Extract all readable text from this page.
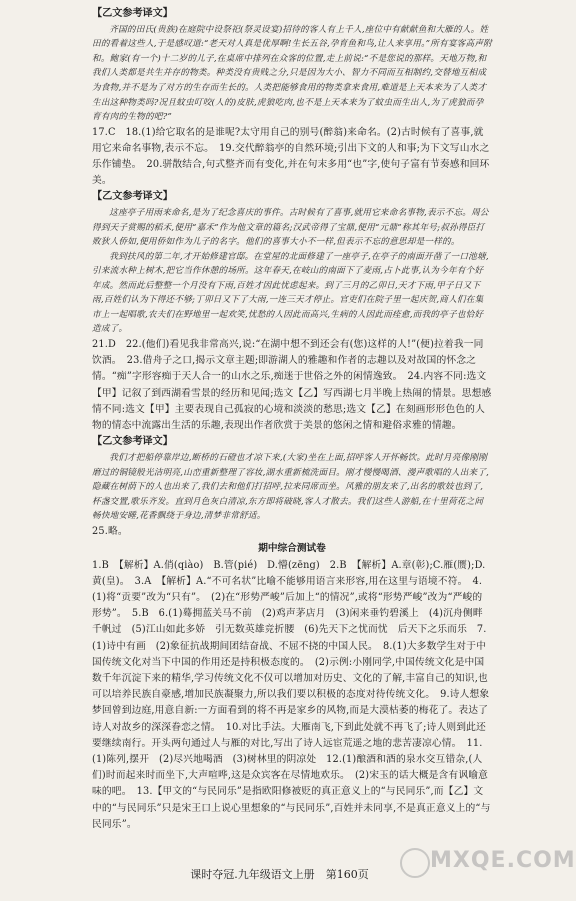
【乙文参考译文】

齐国的田氏(贵族)在庭院中设祭祀(祭灵设宴)招待的客人有上千人,座位中有献献鱼和大雁的人。姓田的看着这些人,于是感叹道:“老天对人真是优厚啊!生长五谷,孕育鱼和鸟,让人来享用。”所有宴客高声附和。鲍家(有一个)十二岁的儿子,在桌席中排列在众客的位置,走上前说:“不是您说的那样。天地万物,和我们人类都是共生并存的物类。种类没有贵贱之分,只是因为大小、智力不同而互相制约,交替地互相成为食物,并不是为了对方的生存而生长的。人类把能够食用的物类拿来食用,难道是上天本来为了人类才生出这种物类吗?况且蚊虫叮咬(人的)皮肤,虎狼吃肉,也不是上天本来为了蚊虫而生出人,为了虎狼而孕育有肉的生物的吧?”

17.C　18.(1)给它取名的是谁呢?太守用自己的别号(醉翁)来命名。(2)古时候有了喜事,就用它来命名事物,表示不忘。　19.交代醉翁亭的自然环境;引出下文的人和事;为下文写山水之乐作铺垫。　20.骈散结合,句式整齐而有变化,并在句末多用“也”字,使句子富有节奏感和回环美。

【乙文参考译文】

这座亭子用雨来命名,是为了纪念喜庆的事件。古时候有了喜事,就用它来命名事物,表示不忘。周公得到天子赏赐的稻禾,便用“嘉禾”作为他文章的篇名;汉武帝得了宝鼎,便用“元鼎”称其年号;叔孙得臣打败狄人侨如,便用侨如作为儿子的名字。他们的喜事大小不一样,但表示不忘的意思却是一样的。

我到扶风的第二年,才开始修建官邸。在堂屋的北面修建了一座亭子,在亭子的南面开凿了一口池塘,引来流水种上树木,把它当作休憩的场所。这年春天,在岐山的南面下了麦雨,占卜此事,认为今年有个好年成。然而此后整整一个月没有下雨,百姓才因此忧虑起来。到了三月的乙卯日,天才下雨,甲子日又下雨,百姓们认为下得还不够;丁卯日又下了大雨,一连三天才停止。官吏们在院子里一起庆贺,商人们在集市上一起唱歌,农夫们在野地里一起欢笑,忧愁的人因此而高兴,生病的人因此而痊愈,而我的亭子也恰好造成了。

21.D　22.(他们)看见我非常高兴,说:“在湖中想不到还会有(您)这样的人!”(便)拉着我一同饮酒。　23.借舟子之口,揭示文章主题;即游湖人的雅趣和作者的志趣以及对故国的怀念之情。“痴”字形容痴于天人合一的山水之乐,痴迷于世俗之外的闲情逸致。　24.内容不同:选文【甲】记叙了到西湖看雪景的经历和见闻;选文【乙】写西湖七月半晚上热闹的情景。思想感情不同:选文【甲】主要表现自己孤寂的心境和淡淡的愁思;选文【乙】在刻画形形色色的人物的情态中流露出生活的乐趣,表现出作者欣赏于美景的悠闲之情和避俗求雅的情趣。

【乙文参考译文】

我们才把船停靠岸边,断桥的石磴也才凉下来,(大家)坐在上面,招呼客人开怀畅饮。此时月亮像刚刚磨过的铜镜般光洁明亮,山峦重新整理了容妆,湖水重新梳洗面目。刚才慢慢喝酒、漫声歌唱的人出来了,隐藏在树荫下的人也出来了,我们去和他们打招呼,拉来同席而坐。风雅的朋友来了,出名的歌妓也到了,杯盏交置,歌乐齐发。直到月色灰白清凉,东方即将破晓,客人才散去。我们这些人游船,在十里荷花之间畅快地安睡,花香飘绕于身边,清梦非常舒适。

25.略。

期中综合测试卷

1.B　【解析】A.俏(qiào)　B.管(pié)　D.懵(zēng)　2.B　【解析】A.章(彰);C.雁(赝);D.黄(皇)。　3.A　【解析】A.“不可名状”比喻不能够用语言来形容,用在这里与语境不符。　4.(1)将“贡要”改为“只有”。　(2)在“形势严峻”后加上“的情况”,或将“形势严峻”改为“严峻的形势”。　5.B　6.(1)蓦拥蓝关马不前　(2)鸡声茅店月　(3)闲来垂钓碧溪上　(4)沉舟侧畔千帆过　(5)江山如此多娇　引无数英雄竞折腰　(6)先天下之忧而忧　后天下之乐而乐　7.(1)诗中有画　(2)象征抗战期间团结奋战、不屈不挠的中国人民。　8.(1)大多数学生对于中国传统文化对当下中国的作用还是持积极态度的。　(2)示例:小刚同学,中国传统文化是中国数千年沉淀下来的精华,学习传统文化不仅可以增加对历史、文化的了解,丰富自己的知识,也可以培养民族自豪感,增加民族凝聚力,所以我们要以积极的态度对待传统文化。　9.诗人想象梦回曾到边庭,用意自新:一方面看到的将不再是家乡的风物,而是大漠枯萎的梅花了。表达了诗人对故乡的深深眷恋之情。　10.对比手法。大雁南飞,下到此处就不再飞了;诗人则到此还要继续南行。开头两句通过人与雁的对比,写出了诗人远宦荒遥之地的悲苦凄凉心情。　11.(1)陈列,摆开　(2)尽兴地喝酒　(3)树林里的阴凉处　12.(1)酿酒和酒的泉水交互错杂,(人们)时而起来时而坐下,大声喧哗,这是众宾客在尽情地欢乐。　(2)宋玉的话大概是含有讽喻意味的吧。　13.【甲文的“与民同乐”是指欧阳修被贬的真正意义上的“与民同乐”,而【乙】文中的“与民同乐”只是宋王口上说心里想象的“与民同乐”,百姓并未同享,不是真正意义上的“与民同乐”。

课时夺冠.九年级语文上册　第160页
MXQE.COM
